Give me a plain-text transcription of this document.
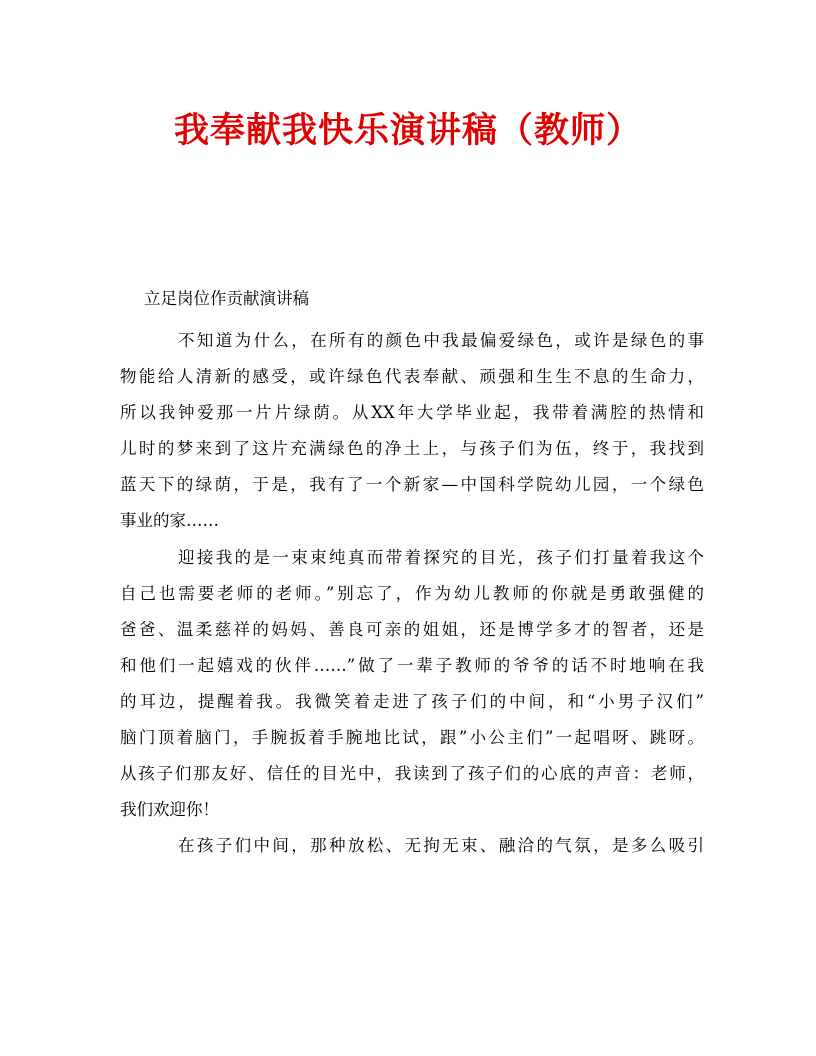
我奉献我快乐演讲稿（教师）

立足岗位作贡献演讲稿

不知道为什么，在所有的颜色中我最偏爱绿色，或许是绿色的事
物能给人清新的感受，或许绿色代表奉献、顽强和生生不息的生命力，
所以我钟爱那一片片绿荫。从XX年大学毕业起，我带着满腔的热情和
儿时的梦来到了这片充满绿色的净土上，与孩子们为伍，终于，我找到
蓝天下的绿荫，于是，我有了一个新家—中国科学院幼儿园，一个绿色
事业的家……
迎接我的是一束束纯真而带着探究的目光，孩子们打量着我这个
自己也需要老师的老师。”别忘了，作为幼儿教师的你就是勇敢强健的
爸爸、温柔慈祥的妈妈、善良可亲的姐姐，还是博学多才的智者，还是
和他们一起嬉戏的伙伴……”做了一辈子教师的爷爷的话不时地响在我
的耳边，提醒着我。我微笑着走进了孩子们的中间，和“小男子汉们”
脑门顶着脑门，手腕扳着手腕地比试，跟”小公主们”一起唱呀、跳呀。
从孩子们那友好、信任的目光中，我读到了孩子们的心底的声音：老师，
我们欢迎你！
在孩子们中间，那种放松、无拘无束、融洽的气氛，是多么吸引
